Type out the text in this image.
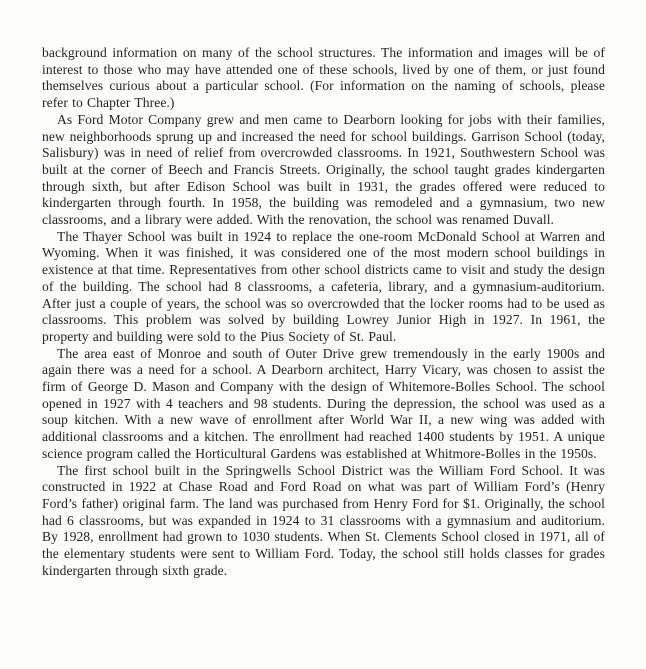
background information on many of the school structures. The information and images will be of interest to those who may have attended one of these schools, lived by one of them, or just found themselves curious about a particular school. (For information on the naming of schools, please refer to Chapter Three.)

As Ford Motor Company grew and men came to Dearborn looking for jobs with their families, new neighborhoods sprung up and increased the need for school buildings. Garrison School (today, Salisbury) was in need of relief from overcrowded classrooms. In 1921, Southwestern School was built at the corner of Beech and Francis Streets. Originally, the school taught grades kindergarten through sixth, but after Edison School was built in 1931, the grades offered were reduced to kindergarten through fourth. In 1958, the building was remodeled and a gymnasium, two new classrooms, and a library were added. With the renovation, the school was renamed Duvall.

The Thayer School was built in 1924 to replace the one-room McDonald School at Warren and Wyoming. When it was finished, it was considered one of the most modern school buildings in existence at that time. Representatives from other school districts came to visit and study the design of the building. The school had 8 classrooms, a cafeteria, library, and a gymnasium-auditorium. After just a couple of years, the school was so overcrowded that the locker rooms had to be used as classrooms. This problem was solved by building Lowrey Junior High in 1927. In 1961, the property and building were sold to the Pius Society of St. Paul.

The area east of Monroe and south of Outer Drive grew tremendously in the early 1900s and again there was a need for a school. A Dearborn architect, Harry Vicary, was chosen to assist the firm of George D. Mason and Company with the design of Whitemore-Bolles School. The school opened in 1927 with 4 teachers and 98 students. During the depression, the school was used as a soup kitchen. With a new wave of enrollment after World War II, a new wing was added with additional classrooms and a kitchen. The enrollment had reached 1400 students by 1951. A unique science program called the Horticultural Gardens was established at Whitmore-Bolles in the 1950s.

The first school built in the Springwells School District was the William Ford School. It was constructed in 1922 at Chase Road and Ford Road on what was part of William Ford’s (Henry Ford’s father) original farm. The land was purchased from Henry Ford for $1. Originally, the school had 6 classrooms, but was expanded in 1924 to 31 classrooms with a gymnasium and auditorium. By 1928, enrollment had grown to 1030 students. When St. Clements School closed in 1971, all of the elementary students were sent to William Ford. Today, the school still holds classes for grades kindergarten through sixth grade.
